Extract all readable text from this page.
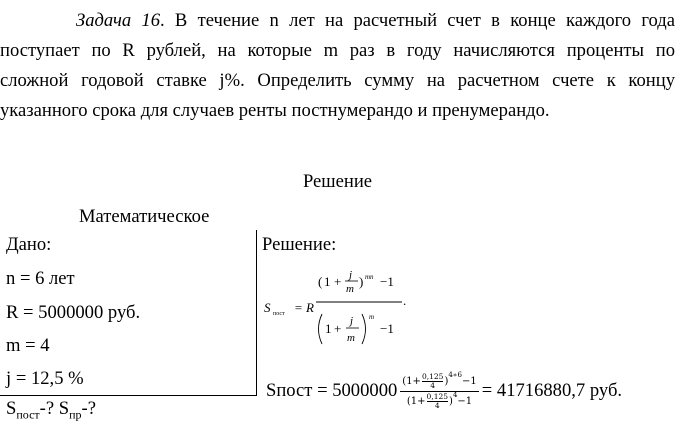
Задача 16. В течение n лет на расчетный счет в конце каждого года
поступает по R рублей, на которые m раз в году начисляются проценты по
сложной годовой ставке j%. Определить сумму на расчетном счете к концу
указанного срока для случаев ренты постнумерандо и пренумерандо.
Решение
Математическое
Дано:
n = 6 лет
R = 5000000 руб.
m = 4
j = 12,5 %
$S_{пост}-$? $S_{пр}-$?
Решение:
S пост = R
( 1 + j
m ) mn −1
.
1 + j
m
m
−1
Sпост = 5000000 ($1+ \frac{0,125}{4}$ )
4∗6
−1
($1+ \frac{0,125}{4}$ )
4
−1 = 41716880,7 руб.
